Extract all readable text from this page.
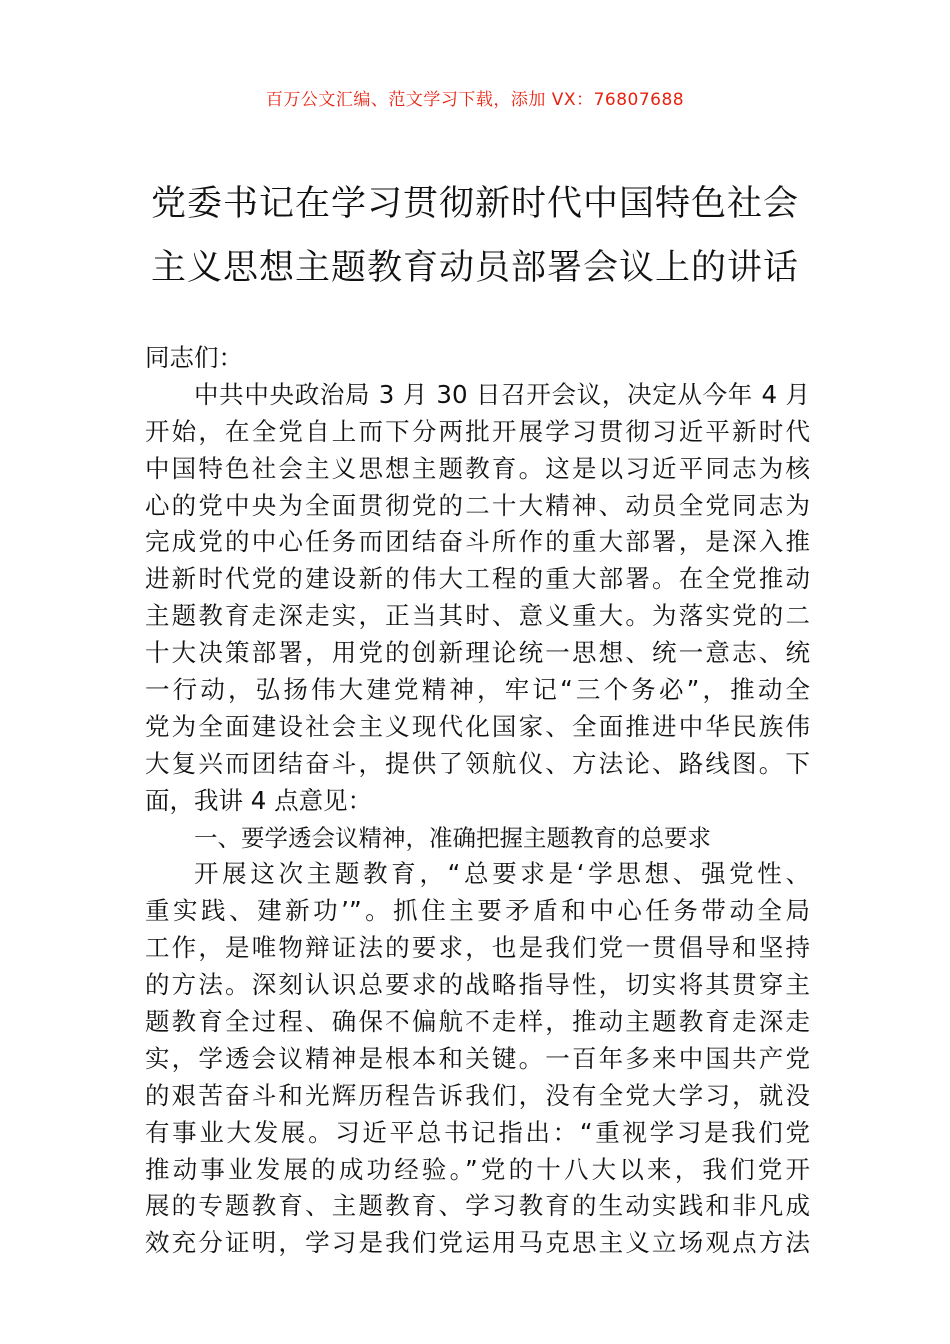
百万公文汇编、范文学习下载，添加 VX：76807688
党委书记在学习贯彻新时代中国特色社会
主义思想主题教育动员部署会议上的讲话
同志们：
中共中央政治局 3 月 30 日召开会议，决定从今年 4 月
开始，在全党自上而下分两批开展学习贯彻习近平新时代
中国特色社会主义思想主题教育。这是以习近平同志为核
心的党中央为全面贯彻党的二十大精神、动员全党同志为
完成党的中心任务而团结奋斗所作的重大部署，是深入推
进新时代党的建设新的伟大工程的重大部署。在全党推动
主题教育走深走实，正当其时、意义重大。为落实党的二
十大决策部署，用党的创新理论统一思想、统一意志、统
一行动，弘扬伟大建党精神，牢记“三个务必”，推动全
党为全面建设社会主义现代化国家、全面推进中华民族伟
大复兴而团结奋斗，提供了领航仪、方法论、路线图。下
面，我讲 4 点意见：
一、要学透会议精神，准确把握主题教育的总要求
开展这次主题教育，“总要求是‘学思想、强党性、
重实践、建新功’”。抓住主要矛盾和中心任务带动全局
工作，是唯物辩证法的要求，也是我们党一贯倡导和坚持
的方法。深刻认识总要求的战略指导性，切实将其贯穿主
题教育全过程、确保不偏航不走样，推动主题教育走深走
实，学透会议精神是根本和关键。一百年多来中国共产党
的艰苦奋斗和光辉历程告诉我们，没有全党大学习，就没
有事业大发展。习近平总书记指出：“重视学习是我们党
推动事业发展的成功经验。”党的十八大以来，我们党开
展的专题教育、主题教育、学习教育的生动实践和非凡成
效充分证明，学习是我们党运用马克思主义立场观点方法
